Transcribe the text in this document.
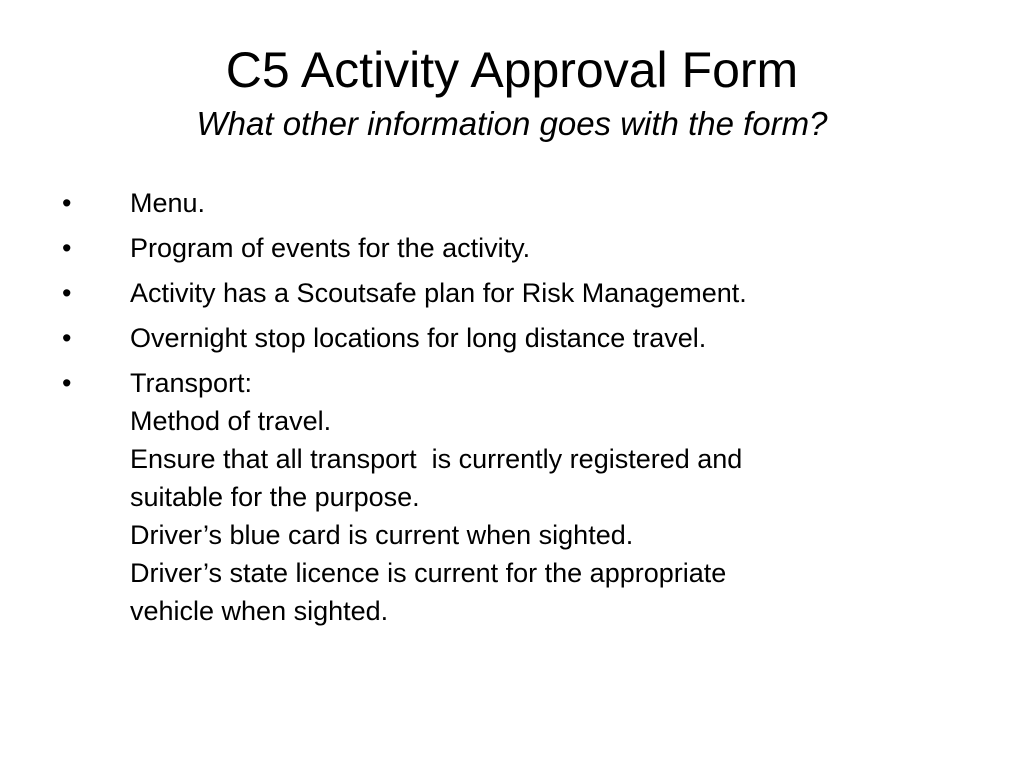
C5 Activity Approval Form

What other information goes with the form?

•	Menu.
•	Program of events for the activity.
•	Activity has a Scoutsafe plan for Risk Management.
•	Overnight stop locations for long distance travel.
•	Transport:
Method of travel.
Ensure that all transport  is currently registered and
suitable for the purpose.
Driver’s blue card is current when sighted.
Driver’s state licence is current for the appropriate
vehicle when sighted.
